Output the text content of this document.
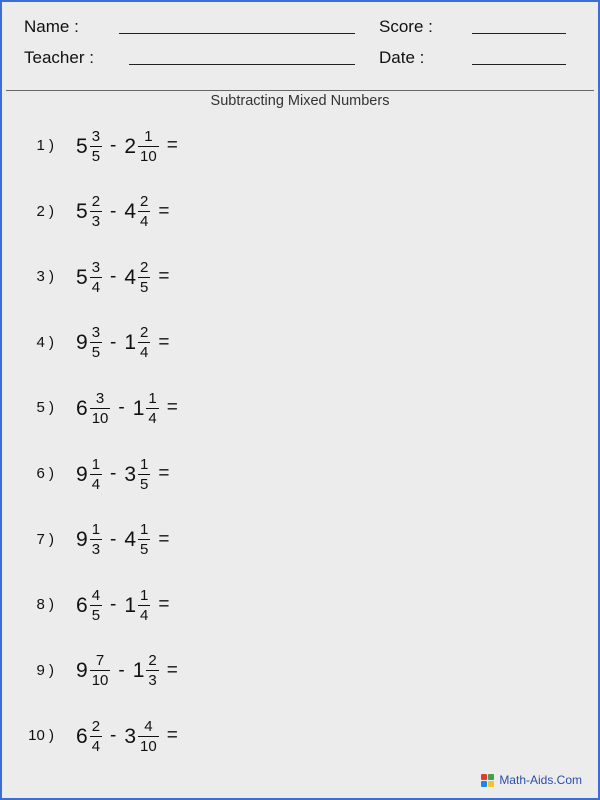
Name :	Score :
Teacher :	Date :
Subtracting Mixed Numbers
1 ) $5 \frac{3}{5} - 2 \frac{1}{10}$ =
2 ) $5 \frac{2}{3} - 4 \frac{2}{4}$ =
3 ) $5 \frac{3}{4} - 4 \frac{2}{5}$ =
4 ) $9 \frac{3}{5} - 1 \frac{2}{4}$ =
5 ) $6 \frac{3}{10} - 1 \frac{1}{4}$ =
6 ) $9 \frac{1}{4} - 3 \frac{1}{5}$ =
7 ) $9 \frac{1}{3} - 4 \frac{1}{5}$ =
8 ) $6 \frac{4}{5} - 1 \frac{1}{4}$ =
9 ) $9 \frac{7}{10} - 1 \frac{2}{3}$ =
10 ) $6 \frac{2}{4} - 3 \frac{4}{10}$ =
Math-Aids.Com
